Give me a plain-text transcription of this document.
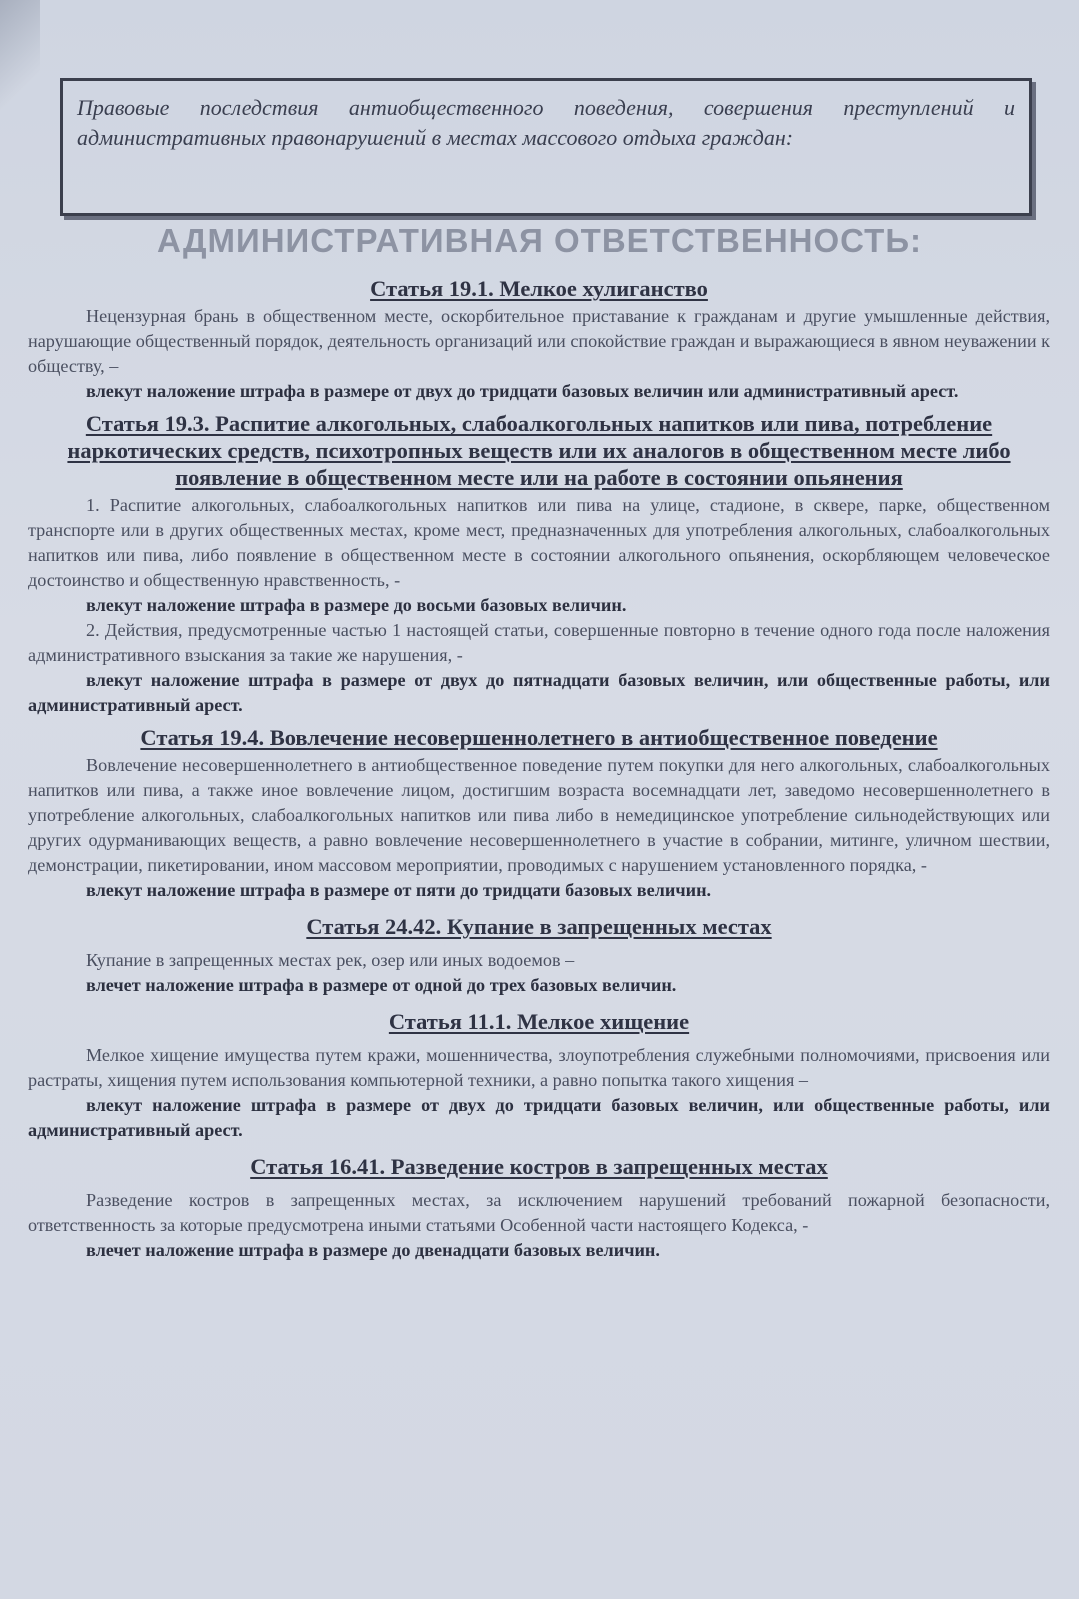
Правовые последствия антиобщественного поведения, совершения преступлений и административных правонарушений в местах массового отдыха граждан:

АДМИНИСТРАТИВНАЯ ОТВЕТСТВЕННОСТЬ:

Статья 19.1. Мелкое хулиганство

Нецензурная брань в общественном месте, оскорбительное приставание к гражданам и другие умышленные действия, нарушающие общественный порядок, деятельность организаций или спокойствие граждан и выражающиеся в явном неуважении к обществу, –

влекут наложение штрафа в размере от двух до тридцати базовых величин или административный арест.

Статья 19.3. Распитие алкогольных, слабоалкогольных напитков или пива, потребление наркотических средств, психотропных веществ или их аналогов в общественном месте либо появление в общественном месте или на работе в состоянии опьянения

1. Распитие алкогольных, слабоалкогольных напитков или пива на улице, стадионе, в сквере, парке, общественном транспорте или в других общественных местах, кроме мест, предназначенных для употребления алкогольных, слабоалкогольных напитков или пива, либо появление в общественном месте в состоянии алкогольного опьянения, оскорбляющем человеческое достоинство и общественную нравственность, -

влекут наложение штрафа в размере до восьми базовых величин.

2. Действия, предусмотренные частью 1 настоящей статьи, совершенные повторно в течение одного года после наложения административного взыскания за такие же нарушения, -

влекут наложение штрафа в размере от двух до пятнадцати базовых величин, или общественные работы, или административный арест.

Статья 19.4. Вовлечение несовершеннолетнего в антиобщественное поведение

Вовлечение несовершеннолетнего в антиобщественное поведение путем покупки для него алкогольных, слабоалкогольных напитков или пива, а также иное вовлечение лицом, достигшим возраста восемнадцати лет, заведомо несовершеннолетнего в употребление алкогольных, слабоалкогольных напитков или пива либо в немедицинское употребление сильнодействующих или других одурманивающих веществ, а равно вовлечение несовершеннолетнего в участие в собрании, митинге, уличном шествии, демонстрации, пикетировании, ином массовом мероприятии, проводимых с нарушением установленного порядка, -

влекут наложение штрафа в размере от пяти до тридцати базовых величин.

Статья 24.42. Купание в запрещенных местах

Купание в запрещенных местах рек, озер или иных водоемов –

влечет наложение штрафа в размере от одной до трех базовых величин.

Статья 11.1. Мелкое хищение

Мелкое хищение имущества путем кражи, мошенничества, злоупотребления служебными полномочиями, присвоения или растраты, хищения путем использования компьютерной техники, а равно попытка такого хищения –

влекут наложение штрафа в размере от двух до тридцати базовых величин, или общественные работы, или административный арест.

Статья 16.41. Разведение костров в запрещенных местах

Разведение костров в запрещенных местах, за исключением нарушений требований пожарной безопасности, ответственность за которые предусмотрена иными статьями Особенной части настоящего Кодекса, -

влечет наложение штрафа в размере до двенадцати базовых величин.
